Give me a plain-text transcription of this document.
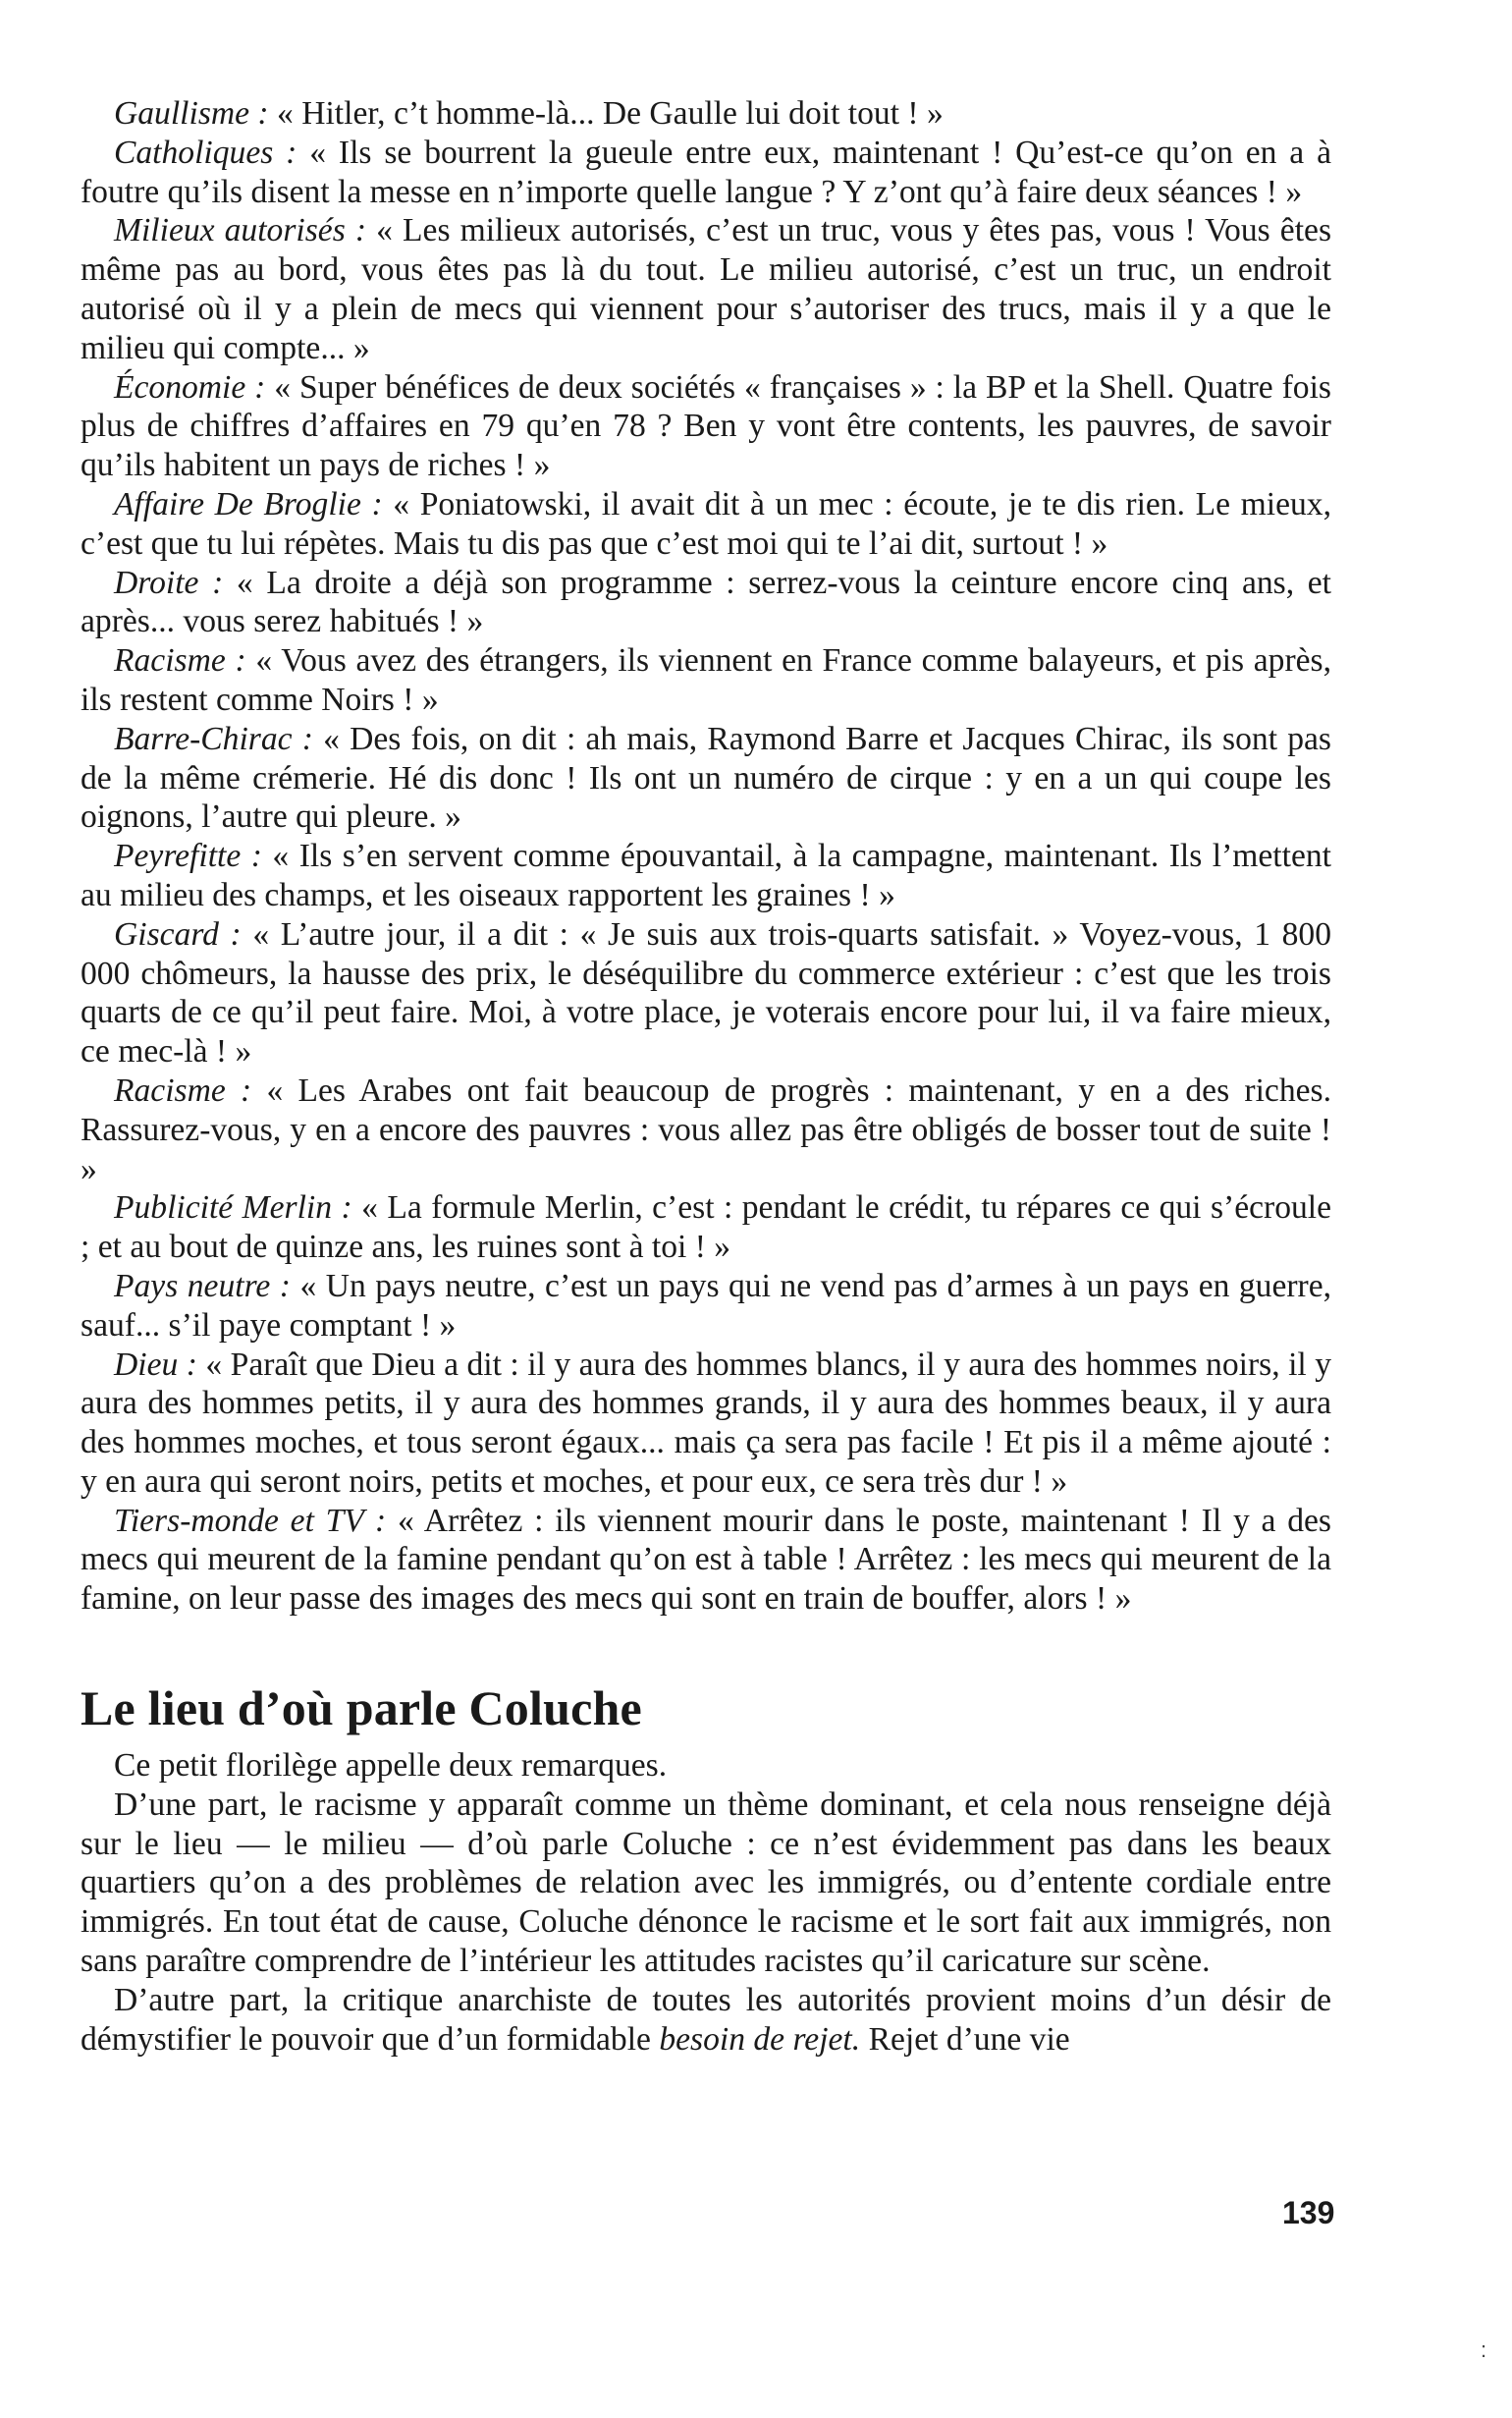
Gaullisme : « Hitler, c’t homme-là... De Gaulle lui doit tout ! »

Catholiques : « Ils se bourrent la gueule entre eux, maintenant ! Qu’est-ce qu’on en a à foutre qu’ils disent la messe en n’importe quelle langue ? Y z’ont qu’à faire deux séances ! »

Milieux autorisés : « Les milieux autorisés, c’est un truc, vous y êtes pas, vous ! Vous êtes même pas au bord, vous êtes pas là du tout. Le milieu autorisé, c’est un truc, un endroit autorisé où il y a plein de mecs qui viennent pour s’autoriser des trucs, mais il y a que le milieu qui compte... »

Économie : « Super bénéfices de deux sociétés « françaises » : la BP et la Shell. Quatre fois plus de chiffres d’affaires en 79 qu’en 78 ? Ben y vont être contents, les pauvres, de savoir qu’ils habitent un pays de riches ! »

Affaire De Broglie : « Poniatowski, il avait dit à un mec : écoute, je te dis rien. Le mieux, c’est que tu lui répètes. Mais tu dis pas que c’est moi qui te l’ai dit, surtout ! »

Droite : « La droite a déjà son programme : serrez-vous la ceinture encore cinq ans, et après... vous serez habitués ! »

Racisme : « Vous avez des étrangers, ils viennent en France comme balayeurs, et pis après, ils restent comme Noirs ! »

Barre-Chirac : « Des fois, on dit : ah mais, Raymond Barre et Jacques Chirac, ils sont pas de la même crémerie. Hé dis donc ! Ils ont un numéro de cirque : y en a un qui coupe les oignons, l’autre qui pleure. »

Peyrefitte : « Ils s’en servent comme épouvantail, à la campagne, maintenant. Ils l’mettent au milieu des champs, et les oiseaux rapportent les graines ! »

Giscard : « L’autre jour, il a dit : « Je suis aux trois-quarts satisfait. » Voyez-vous, 1 800 000 chômeurs, la hausse des prix, le déséquilibre du commerce extérieur : c’est que les trois quarts de ce qu’il peut faire. Moi, à votre place, je voterais encore pour lui, il va faire mieux, ce mec-là ! »

Racisme : « Les Arabes ont fait beaucoup de progrès : maintenant, y en a des riches. Rassurez-vous, y en a encore des pauvres : vous allez pas être obligés de bosser tout de suite ! »

Publicité Merlin : « La formule Merlin, c’est : pendant le crédit, tu répares ce qui s’écroule ; et au bout de quinze ans, les ruines sont à toi ! »

Pays neutre : « Un pays neutre, c’est un pays qui ne vend pas d’armes à un pays en guerre, sauf... s’il paye comptant ! »

Dieu : « Paraît que Dieu a dit : il y aura des hommes blancs, il y aura des hommes noirs, il y aura des hommes petits, il y aura des hommes grands, il y aura des hommes beaux, il y aura des hommes moches, et tous seront égaux... mais ça sera pas facile ! Et pis il a même ajouté : y en aura qui seront noirs, petits et moches, et pour eux, ce sera très dur ! »

Tiers-monde et TV : « Arrêtez : ils viennent mourir dans le poste, maintenant ! Il y a des mecs qui meurent de la famine pendant qu’on est à table ! Arrêtez : les mecs qui meurent de la famine, on leur passe des images des mecs qui sont en train de bouffer, alors ! »

Le lieu d’où parle Coluche

Ce petit florilège appelle deux remarques.

D’une part, le racisme y apparaît comme un thème dominant, et cela nous renseigne déjà sur le lieu — le milieu — d’où parle Coluche : ce n’est évidemment pas dans les beaux quartiers qu’on a des problèmes de relation avec les immigrés, ou d’entente cordiale entre immigrés. En tout état de cause, Coluche dénonce le racisme et le sort fait aux immigrés, non sans paraître comprendre de l’intérieur les attitudes racistes qu’il caricature sur scène.

D’autre part, la critique anarchiste de toutes les autorités provient moins d’un désir de démystifier le pouvoir que d’un formidable besoin de rejet. Rejet d’une vie

139
:
